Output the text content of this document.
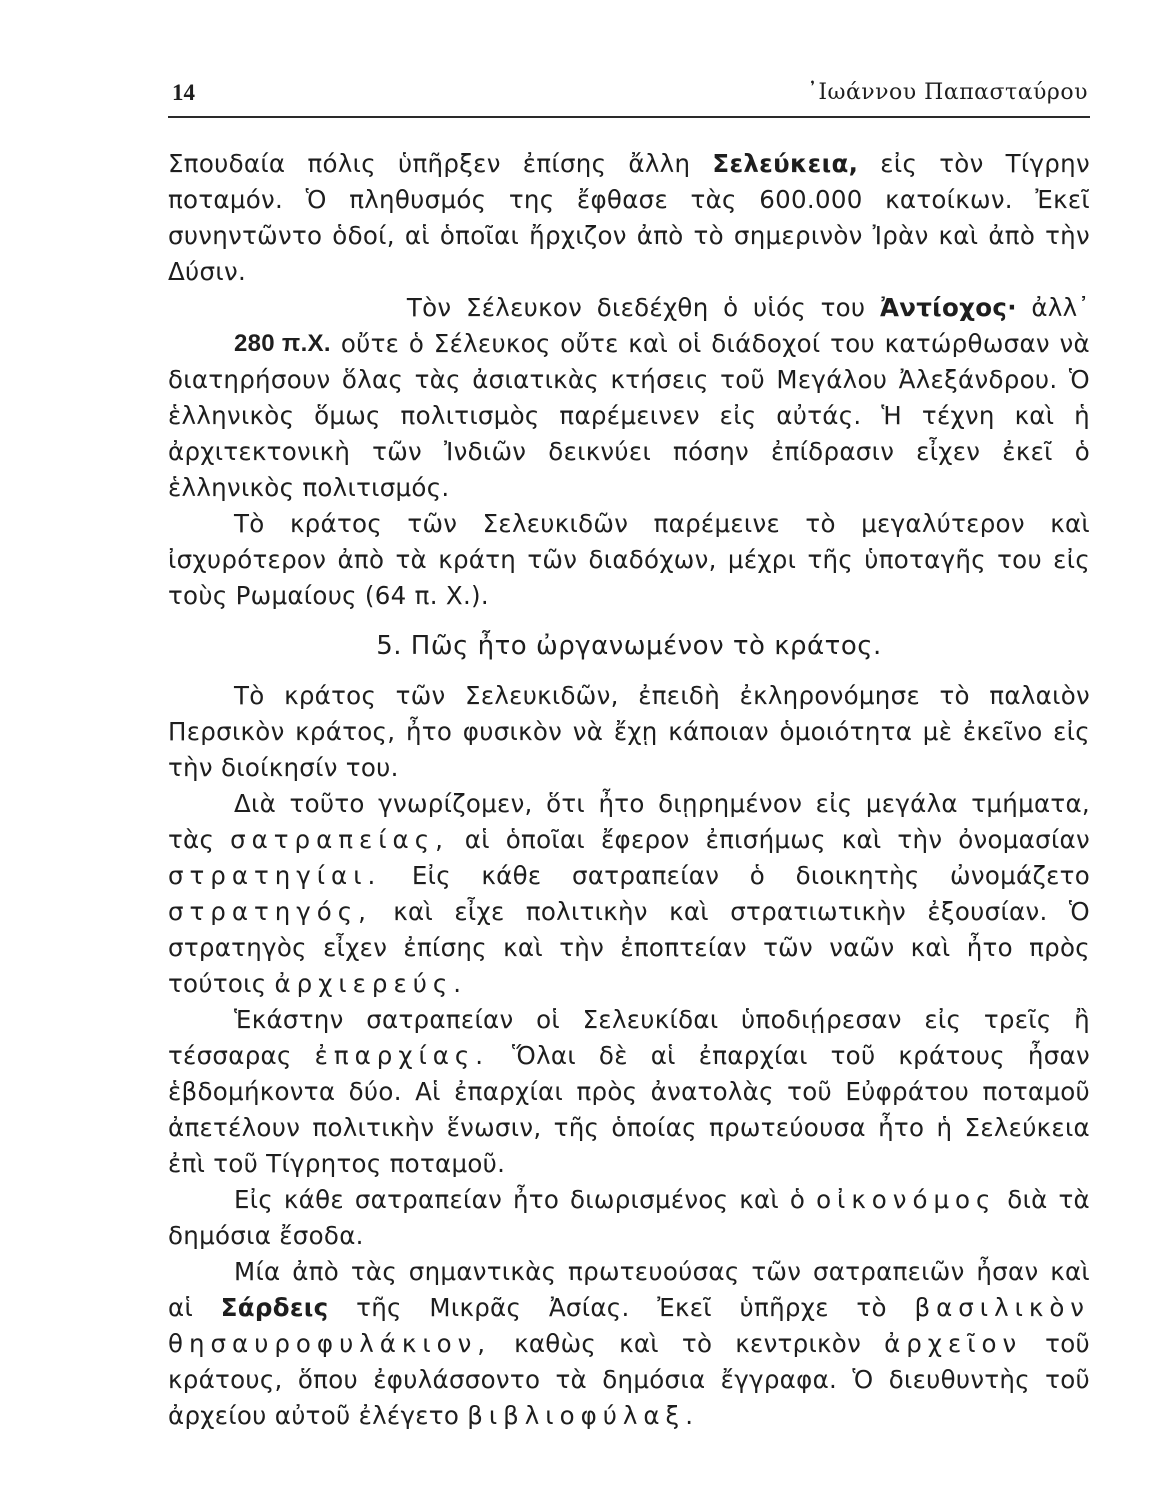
14	᾿Ιωάννου Παπασταύρου

Σπουδαία πόλις ὑπῆρξεν ἐπίσης ἄλλη Σελεύκεια, εἰς τὸν Τίγρην ποταμόν. Ὁ πληθυσμός της ἔφθασε τὰς 600.000 κατοίκων. Ἐκεῖ συνηντῶντο ὁδοί, αἱ ὁποῖαι ἤρχιζον ἀπὸ τὸ σημερινὸν Ἰρὰν καὶ ἀπὸ τὴν Δύσιν.

280 π.Χ.
Τὸν Σέλευκον διεδέχθη ὁ υἱός του Ἀντίοχος· ἀλλ᾿ οὔτε ὁ Σέλευκος οὔτε καὶ οἱ διάδοχοί του κατώρθωσαν νὰ διατηρήσουν ὅλας τὰς ἀσιατικὰς κτήσεις τοῦ Μεγάλου Ἀλεξάνδρου. Ὁ ἑλληνικὸς ὅμως πολιτισμὸς παρέμεινεν εἰς αὐτάς. Ἡ τέχνη καὶ ἡ ἀρχιτεκτονικὴ τῶν Ἰνδιῶν δεικνύει πόσην ἐπίδρασιν εἶχεν ἐκεῖ ὁ ἑλληνικὸς πολιτισμός.

Τὸ κράτος τῶν Σελευκιδῶν παρέμεινε τὸ μεγαλύτερον καὶ ἰσχυρότερον ἀπὸ τὰ κράτη τῶν διαδόχων, μέχρι τῆς ὑποταγῆς του εἰς τοὺς Ρωμαίους (64 π. Χ.).

5. Πῶς ἦτο ὠργανωμένον τὸ κράτος.

Τὸ κράτος τῶν Σελευκιδῶν, ἐπειδὴ ἐκληρονόμησε τὸ παλαιὸν Περσικὸν κράτος, ἦτο φυσικὸν νὰ ἔχῃ κάποιαν ὁμοιότητα μὲ ἐκεῖνο εἰς τὴν διοίκησίν του.

Διὰ τοῦτο γνωρίζομεν, ὅτι ἦτο διῃρημένον εἰς μεγάλα τμήματα, τὰς σατραπείας, αἱ ὁποῖαι ἔφερον ἐπισήμως καὶ τὴν ὀνομασίαν στρατηγίαι. Εἰς κάθε σατραπείαν ὁ διοικητὴς ὠνομάζετο στρατηγός, καὶ εἶχε πολιτικὴν καὶ στρατιωτικὴν ἐξουσίαν. Ὁ στρατηγὸς εἶχεν ἐπίσης καὶ τὴν ἐποπτείαν τῶν ναῶν καὶ ἦτο πρὸς τούτοις ἀρχιερεύς.

Ἑκάστην σατραπείαν οἱ Σελευκίδαι ὑποδιῄρεσαν εἰς τρεῖς ἢ τέσσαρας ἐπαρχίας. Ὅλαι δὲ αἱ ἐπαρχίαι τοῦ κράτους ἦσαν ἑβδομήκοντα δύο. Αἱ ἐπαρχίαι πρὸς ἀνατολὰς τοῦ Εὐφράτου ποταμοῦ ἀπετέλουν πολιτικὴν ἕνωσιν, τῆς ὁποίας πρωτεύουσα ἦτο ἡ Σελεύκεια ἐπὶ τοῦ Τίγρητος ποταμοῦ.

Εἰς κάθε σατραπείαν ἦτο διωρισμένος καὶ ὁ οἰκονόμος διὰ τὰ δημόσια ἔσοδα.

Μία ἀπὸ τὰς σημαντικὰς πρωτευούσας τῶν σατραπειῶν ἦσαν καὶ αἱ Σάρδεις τῆς Μικρᾶς Ἀσίας. Ἐκεῖ ὑπῆρχε τὸ βασιλικὸν θησαυροφυλάκιον, καθὼς καὶ τὸ κεντρικὸν ἀρχεῖον τοῦ κράτους, ὅπου ἐφυλάσσοντο τὰ δημόσια ἔγγραφα. Ὁ διευθυντὴς τοῦ ἀρχείου αὐτοῦ ἐλέγετο βιβλιοφύλαξ.
